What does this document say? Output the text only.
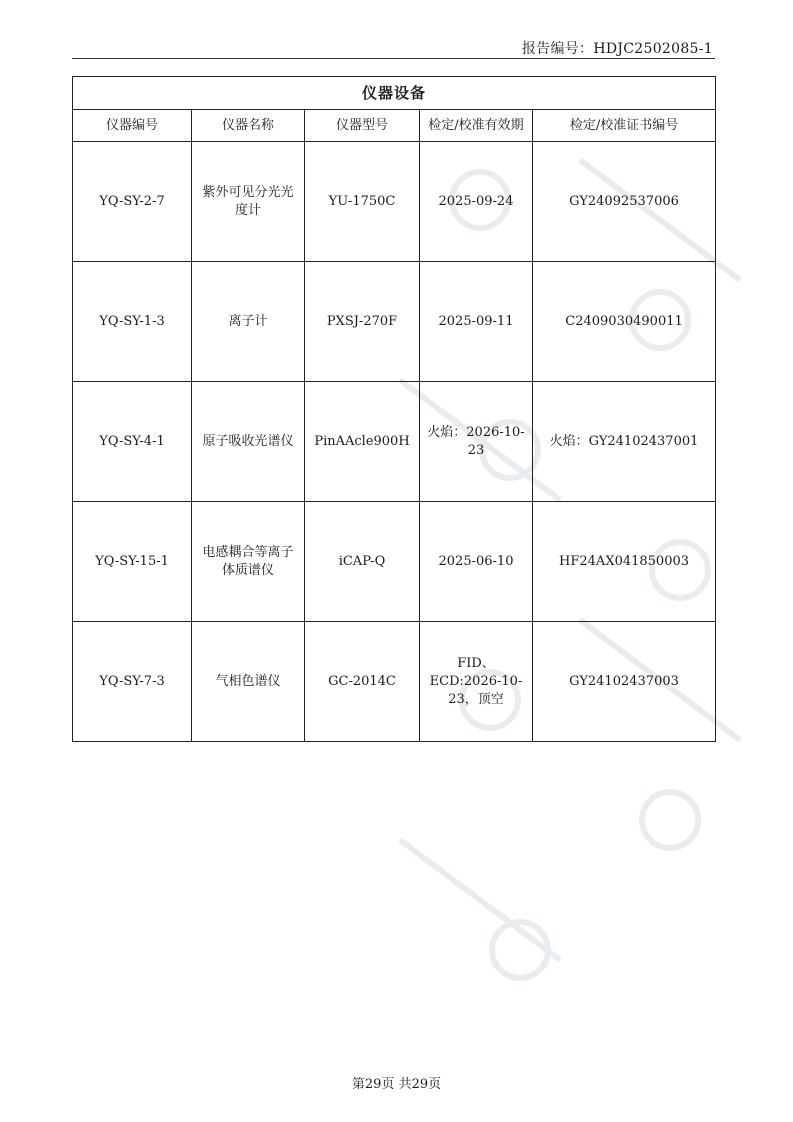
报告编号：HDJC2502085-1
仪器设备				
仪器编号	仪器名称	仪器型号	检定/校准有效期	检定/校准证书编号
YQ-SY-2-7	紫外可见分光光度计	YU-1750C	2025-09-24	GY24092537006
YQ-SY-1-3	离子计	PXSJ-270F	2025-09-11	C2409030490011
YQ-SY-4-1	原子吸收光谱仪	PinAAcle900H	火焰：2026-10-23	火焰：GY24102437001
YQ-SY-15-1	电感耦合等离子体质谱仪	iCAP-Q	2025-06-10	HF24AX041850003
YQ-SY-7-3	气相色谱仪	GC-2014C	FID、ECD:2026-10-23，顶空	GY24102437003
第29页 共29页
